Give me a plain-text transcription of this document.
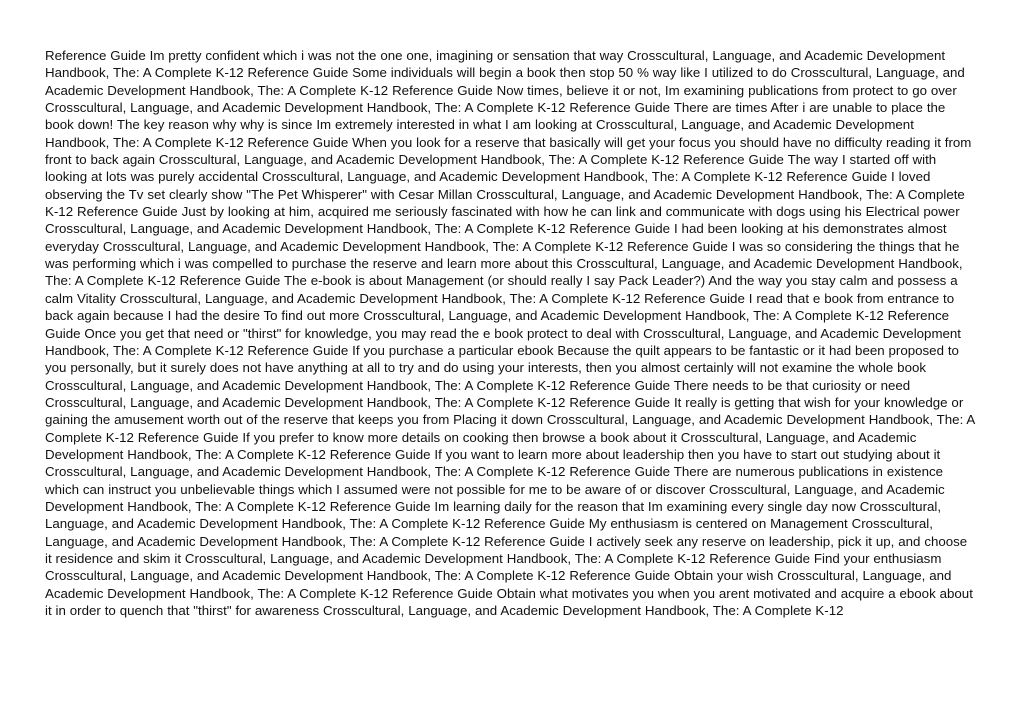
Reference Guide Im pretty confident which i was not the one one, imagining or sensation that way Crosscultural, Language, and Academic Development Handbook, The: A Complete K-12 Reference Guide Some individuals will begin a book then stop 50 % way like I utilized to do Crosscultural, Language, and Academic Development Handbook, The: A Complete K-12 Reference Guide Now times, believe it or not, Im examining publications from protect to go over Crosscultural, Language, and Academic Development Handbook, The: A Complete K-12 Reference Guide There are times After i are unable to place the book down! The key reason why why is since Im extremely interested in what I am looking at Crosscultural, Language, and Academic Development Handbook, The: A Complete K-12 Reference Guide When you look for a reserve that basically will get your focus you should have no difficulty reading it from front to back again Crosscultural, Language, and Academic Development Handbook, The: A Complete K-12 Reference Guide The way I started off with looking at lots was purely accidental Crosscultural, Language, and Academic Development Handbook, The: A Complete K-12 Reference Guide I loved observing the Tv set clearly show "The Pet Whisperer" with Cesar Millan Crosscultural, Language, and Academic Development Handbook, The: A Complete K-12 Reference Guide Just by looking at him, acquired me seriously fascinated with how he can link and communicate with dogs using his Electrical power Crosscultural, Language, and Academic Development Handbook, The: A Complete K-12 Reference Guide I had been looking at his demonstrates almost everyday Crosscultural, Language, and Academic Development Handbook, The: A Complete K-12 Reference Guide I was so considering the things that he was performing which i was compelled to purchase the reserve and learn more about this Crosscultural, Language, and Academic Development Handbook, The: A Complete K-12 Reference Guide The e-book is about Management (or should really I say Pack Leader?) And the way you stay calm and possess a calm Vitality Crosscultural, Language, and Academic Development Handbook, The: A Complete K-12 Reference Guide I read that e book from entrance to back again because I had the desire To find out more Crosscultural, Language, and Academic Development Handbook, The: A Complete K-12 Reference Guide Once you get that need or "thirst" for knowledge, you may read the e book protect to deal with Crosscultural, Language, and Academic Development Handbook, The: A Complete K-12 Reference Guide If you purchase a particular ebook Because the quilt appears to be fantastic or it had been proposed to you personally, but it surely does not have anything at all to try and do using your interests, then you almost certainly will not examine the whole book Crosscultural, Language, and Academic Development Handbook, The: A Complete K-12 Reference Guide There needs to be that curiosity or need Crosscultural, Language, and Academic Development Handbook, The: A Complete K-12 Reference Guide It really is getting that wish for your knowledge or gaining the amusement worth out of the reserve that keeps you from Placing it down Crosscultural, Language, and Academic Development Handbook, The: A Complete K-12 Reference Guide If you prefer to know more details on cooking then browse a book about it Crosscultural, Language, and Academic Development Handbook, The: A Complete K-12 Reference Guide If you want to learn more about leadership then you have to start out studying about it Crosscultural, Language, and Academic Development Handbook, The: A Complete K-12 Reference Guide There are numerous publications in existence which can instruct you unbelievable things which I assumed were not possible for me to be aware of or discover Crosscultural, Language, and Academic Development Handbook, The: A Complete K-12 Reference Guide Im learning daily for the reason that Im examining every single day now Crosscultural, Language, and Academic Development Handbook, The: A Complete K-12 Reference Guide My enthusiasm is centered on Management Crosscultural, Language, and Academic Development Handbook, The: A Complete K-12 Reference Guide I actively seek any reserve on leadership, pick it up, and choose it residence and skim it Crosscultural, Language, and Academic Development Handbook, The: A Complete K-12 Reference Guide Find your enthusiasm Crosscultural, Language, and Academic Development Handbook, The: A Complete K-12 Reference Guide Obtain your wish Crosscultural, Language, and Academic Development Handbook, The: A Complete K-12 Reference Guide Obtain what motivates you when you arent motivated and acquire a ebook about it in order to quench that "thirst" for awareness Crosscultural, Language, and Academic Development Handbook, The: A Complete K-12
